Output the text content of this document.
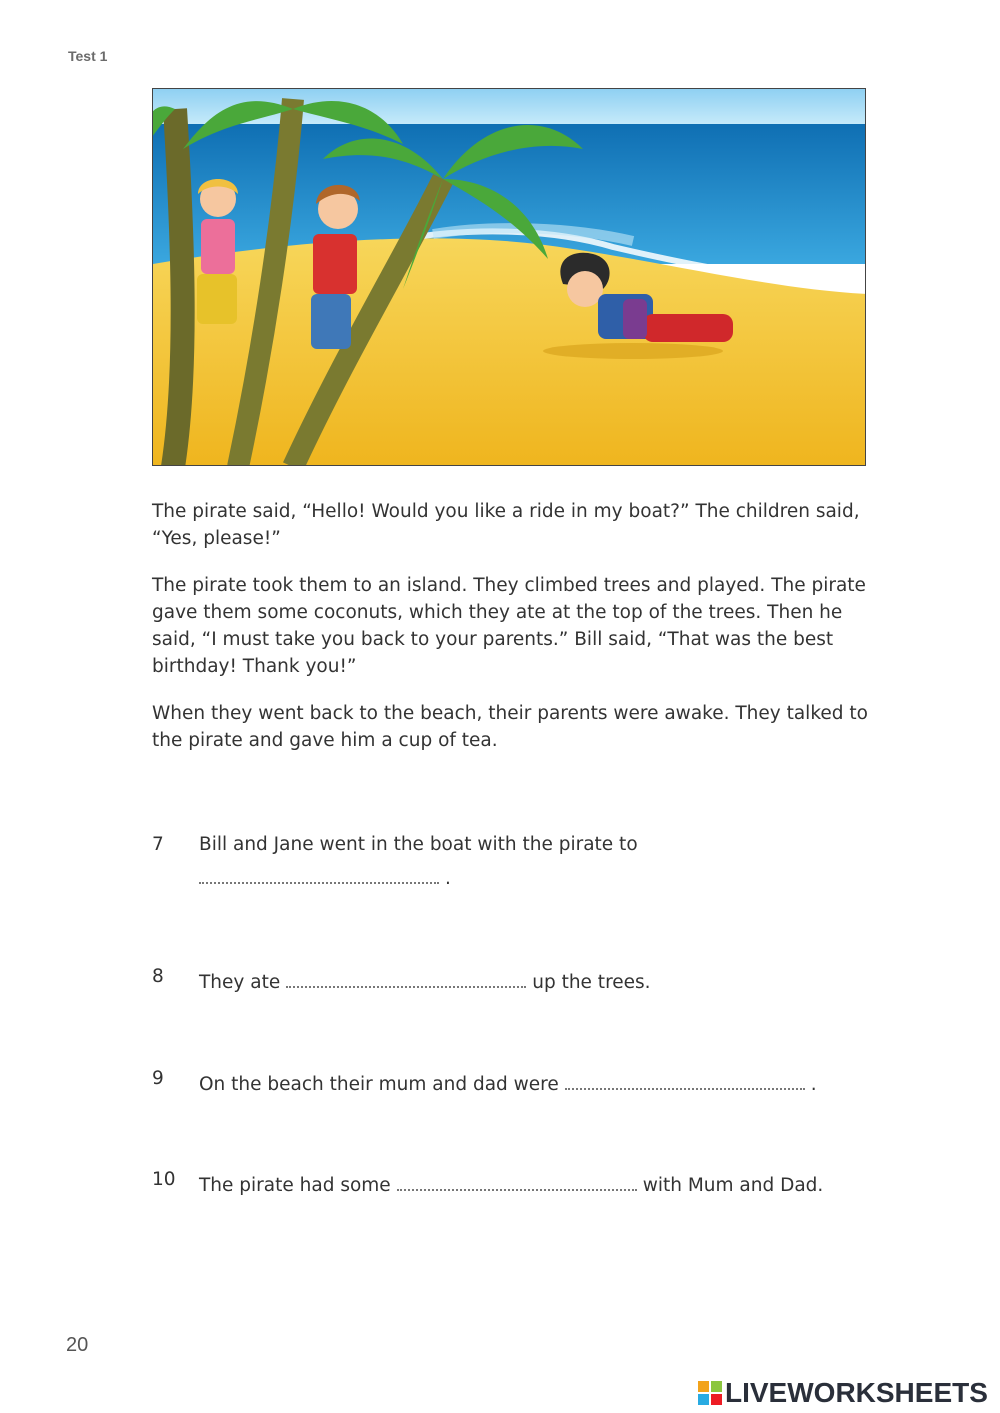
Test 1

The pirate said, “Hello! Would you like a ride in my boat?” The children said, “Yes, please!”

The pirate took them to an island. They climbed trees and played. The pirate gave them some coconuts, which they ate at the top of the trees. Then he said, “I must take you back to your parents.” Bill said, “That was the best birthday! Thank you!”

When they went back to the beach, their parents were awake. They talked to the pirate and gave him a cup of tea.

7 Bill and Jane went in the boat with the pirate to
.
8 They ate	up the trees.
9 On the beach their mum and dad were	.
10 The pirate had some	with Mum and Dad.
20
LIVEWORKSHEETS
